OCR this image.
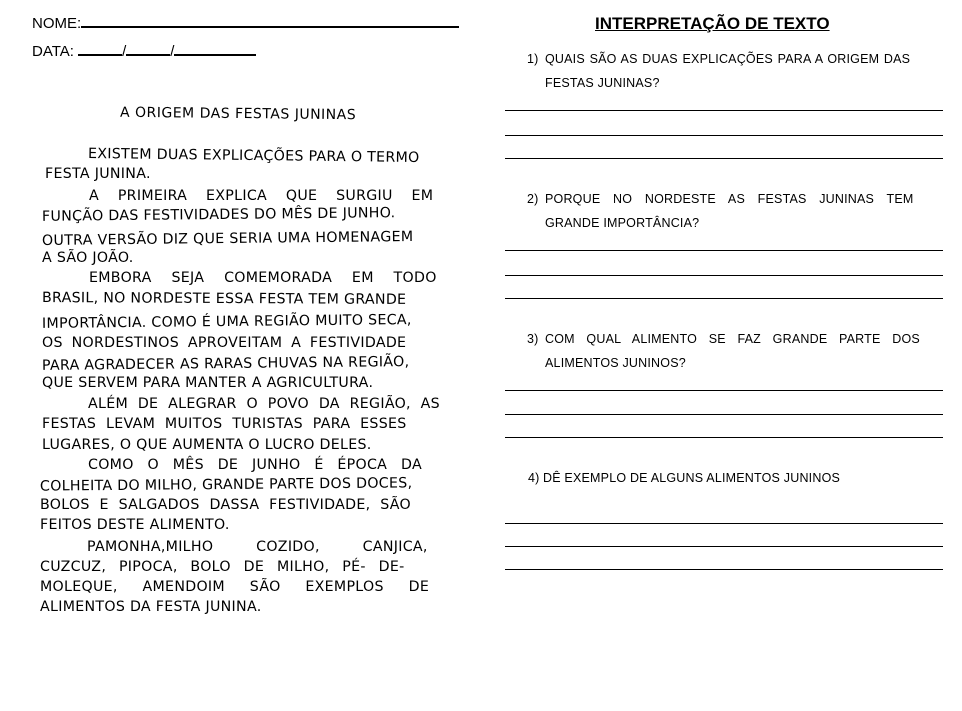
NOME:
DATA:	/	/
A ORIGEM DAS FESTAS JUNINAS
EXISTEM DUAS EXPLICAÇÕES PARA O TERMO
FESTA JUNINA.
A PRIMEIRA EXPLICA QUE SURGIU EM
FUNÇÃO DAS FESTIVIDADES DO MÊS DE JUNHO.
OUTRA VERSÃO DIZ QUE SERIA UMA HOMENAGEM
A SÃO JOÃO.
EMBORA SEJA COMEMORADA EM TODO
BRASIL, NO NORDESTE ESSA FESTA TEM GRANDE
IMPORTÂNCIA. COMO É UMA REGIÃO MUITO SECA,
OS NORDESTINOS APROVEITAM A FESTIVIDADE
PARA AGRADECER AS RARAS CHUVAS NA REGIÃO,
QUE SERVEM PARA MANTER A AGRICULTURA.
ALÉM DE ALEGRAR O POVO DA REGIÃO, AS
FESTAS LEVAM MUITOS TURISTAS PARA ESSES
LUGARES, O QUE AUMENTA O LUCRO DELES.
COMO O MÊS DE JUNHO É ÉPOCA DA
COLHEITA DO MILHO, GRANDE PARTE DOS DOCES,
BOLOS E SALGADOS DASSA FESTIVIDADE, SÃO
FEITOS DESTE ALIMENTO.
PAMONHA,MILHO COZIDO, CANJICA,
CUZCUZ, PIPOCA, BOLO DE MILHO, PÉ- DE-
MOLEQUE, AMENDOIM SÃO EXEMPLOS DE
ALIMENTOS DA FESTA JUNINA.
INTERPRETAÇÃO DE TEXTO
1) QUAIS SÃO AS DUAS EXPLICAÇÕES PARA A ORIGEM DAS
FESTAS JUNINAS?
2) PORQUE NO NORDESTE AS FESTAS JUNINAS TEM
GRANDE IMPORTÂNCIA?
3) COM QUAL ALIMENTO SE FAZ GRANDE PARTE DOS
ALIMENTOS JUNINOS?
4) DÊ EXEMPLO DE ALGUNS ALIMENTOS JUNINOS
